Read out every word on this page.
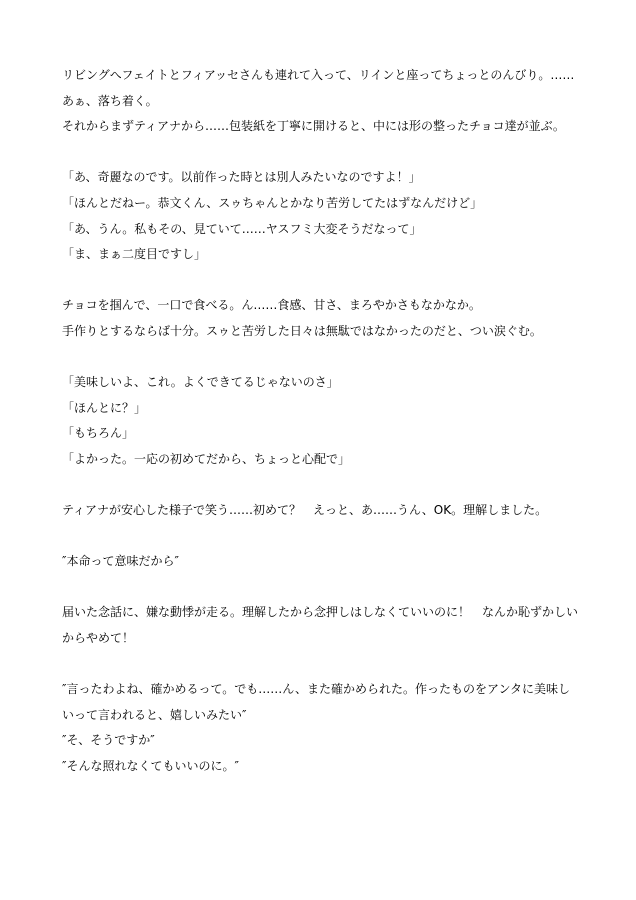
リビングへフェイトとフィアッセさんも連れて入って、リインと座ってちょっとのんびり。……
あぁ、落ち着く。
それからまずティアナから……包装紙を丁寧に開けると、中には形の整ったチョコ達が並ぶ。
「あ、奇麗なのです。以前作った時とは別人みたいなのですよ！」
「ほんとだねー。恭文くん、スゥちゃんとかなり苦労してたはずなんだけど」
「あ、うん。私もその、見ていて……ヤスフミ大変そうだなって」
「ま、まぁ二度目ですし」
チョコを掴んで、一口で食べる。ん……食感、甘さ、まろやかさもなかなか。
手作りとするならば十分。スゥと苦労した日々は無駄ではなかったのだと、つい涙ぐむ。
「美味しいよ、これ。よくできてるじゃないのさ」
「ほんとに？」
「もちろん」
「よかった。一応の初めてだから、ちょっと心配で」
ティアナが安心した様子で笑う……初めて？　えっと、あ……うん、OK。理解しました。
″本命って意味だから″
届いた念話に、嫌な動悸が走る。理解したから念押しはしなくていいのに！　なんか恥ずかしい
からやめて！
″言ったわよね、確かめるって。でも……ん、また確かめられた。作ったものをアンタに美味し
いって言われると、嬉しいみたい″
″そ、そうですか″
″そんな照れなくてもいいのに。″
